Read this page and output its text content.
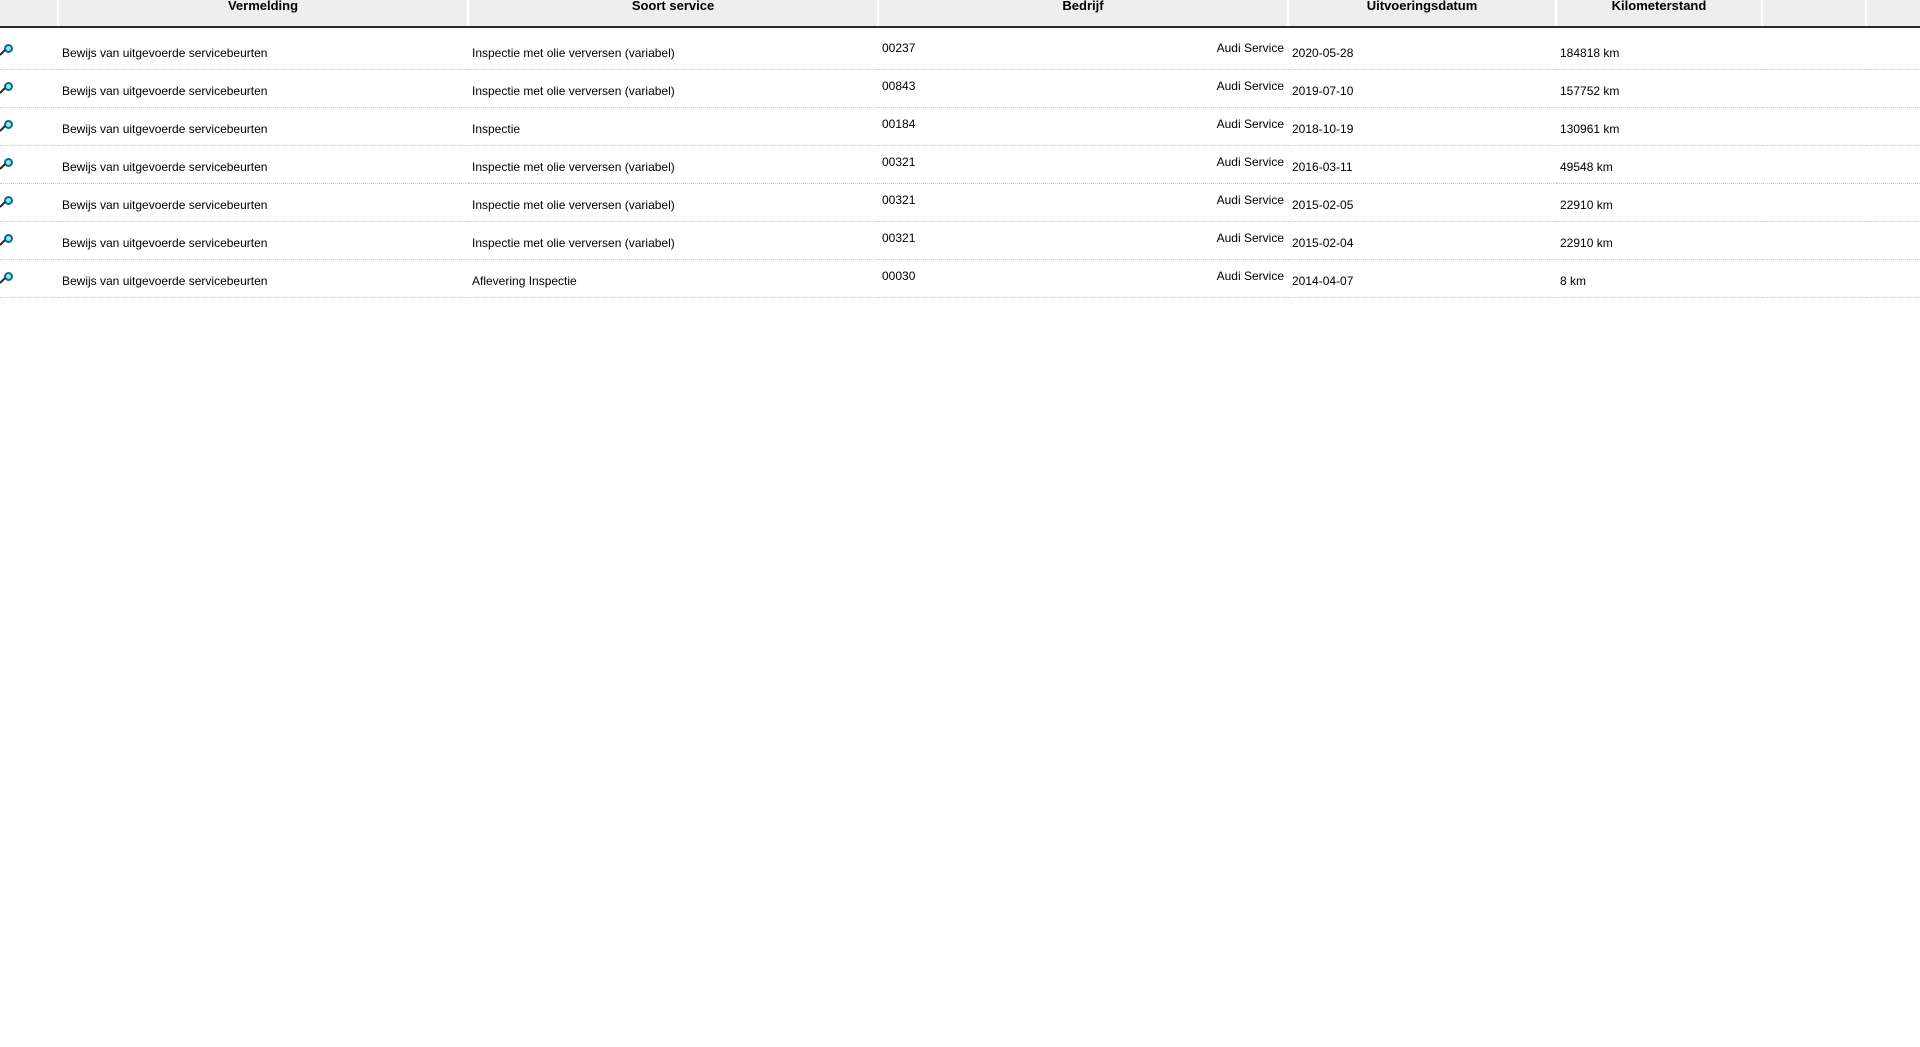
	Vermelding	Soort service	Bedrijf	Uitvoeringsdatum	Kilometerstand		

	Bewijs van uitgevoerde servicebeurten	Inspectie met olie verversen (variabel)	00237 Audi Service	2020-05-28	184818 km		

	Bewijs van uitgevoerde servicebeurten	Inspectie met olie verversen (variabel)	00843 Audi Service	2019-07-10	157752 km		

	Bewijs van uitgevoerde servicebeurten	Inspectie	00184 Audi Service	2018-10-19	130961 km		

	Bewijs van uitgevoerde servicebeurten	Inspectie met olie verversen (variabel)	00321 Audi Service	2016-03-11	49548 km		

	Bewijs van uitgevoerde servicebeurten	Inspectie met olie verversen (variabel)	00321 Audi Service	2015-02-05	22910 km		

	Bewijs van uitgevoerde servicebeurten	Inspectie met olie verversen (variabel)	00321 Audi Service	2015-02-04	22910 km		

	Bewijs van uitgevoerde servicebeurten	Aflevering Inspectie	00030 Audi Service	2014-04-07	8 km		
